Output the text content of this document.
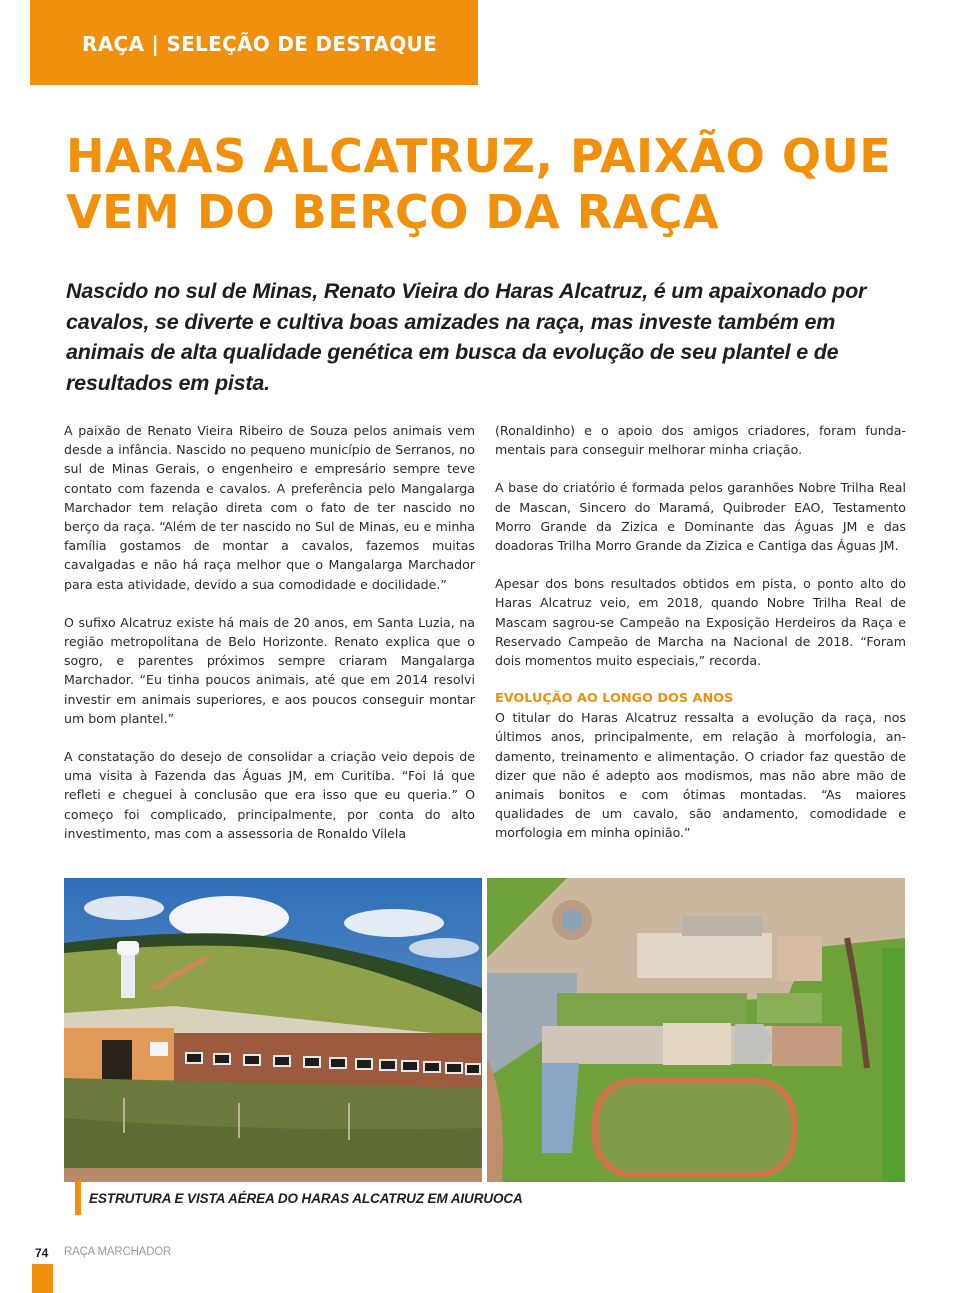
RAÇA | SELEÇÃO DE DESTAQUE
HARAS ALCATRUZ, PAIXÃO QUE
VEM DO BERÇO DA RAÇA
Nascido no sul de Minas, Renato Vieira do Haras Alcatruz, é um apaixonado por cavalos, se diverte e cultiva boas amizades na raça, mas investe também em animais de alta qualidade genética em busca da evolução de seu plantel e de resultados em pista.

A paixão de Renato Vieira Ribeiro de Souza pelos animais vem desde a infância. Nascido no pequeno município de Serranos, no sul de Minas Gerais, o engenheiro e empresário sempre teve contato com fazenda e cavalos. A preferência pelo Mangalarga Marchador tem relação direta com o fato de ter nascido no berço da raça. “Além de ter nascido no Sul de Minas, eu e minha família gostamos de montar a cavalos, fazemos muitas cavalgadas e não há raça melhor que o Mangalarga Marchador para esta atividade, devido a sua comodidade e docilidade.”

O sufixo Alcatruz existe há mais de 20 anos, em Santa Luzia, na região metropolitana de Belo Horizonte. Renato explica que o sogro, e parentes próximos sempre criaram Mangalarga Marchador. “Eu tinha poucos animais, até que em 2014 resolvi investir em animais superiores, e aos poucos conseguir montar um bom plantel.”

A constatação do desejo de consolidar a criação veio depois de uma visita à Fazenda das Águas JM, em Curitiba. “Foi lá que refleti e cheguei à conclusão que era isso que eu queria.” O começo foi complicado, principalmente, por conta do alto investimento, mas com a assessoria de Ronaldo Vilela

(Ronaldinho) e o apoio dos amigos criadores, foram fundamentais para conseguir melhorar minha criação.

A base do criatório é formada pelos garanhões Nobre Trilha Real de Mascan, Sincero do Maramá, Quibroder EAO, Testamento Morro Grande da Zizica e Dominante das Águas JM e das doadoras Trilha Morro Grande da Zizica e Cantiga das Águas JM.

Apesar dos bons resultados obtidos em pista, o ponto alto do Haras Alcatruz veio, em 2018, quando Nobre Trilha Real de Mascam sagrou-se Campeão na Exposição Herdeiros da Raça e Reservado Campeão de Marcha na Nacional de 2018. “Foram dois momentos muito especiais,” recorda.

EVOLUÇÃO AO LONGO DOS ANOS

O titular do Haras Alcatruz ressalta a evolução da raça, nos últimos anos, principalmente, em relação à morfologia, andamento, treinamento e alimentação. O criador faz questão de dizer que não é adepto aos modismos, mas não abre mão de animais bonitos e com ótimas montadas. “As maiores qualidades de um cavalo, são andamento, comodidade e morfologia em minha opinião.”

ESTRUTURA E VISTA AÉREA DO HARAS ALCATRUZ EM AIURUOCA
74 RAÇA MARCHADOR
